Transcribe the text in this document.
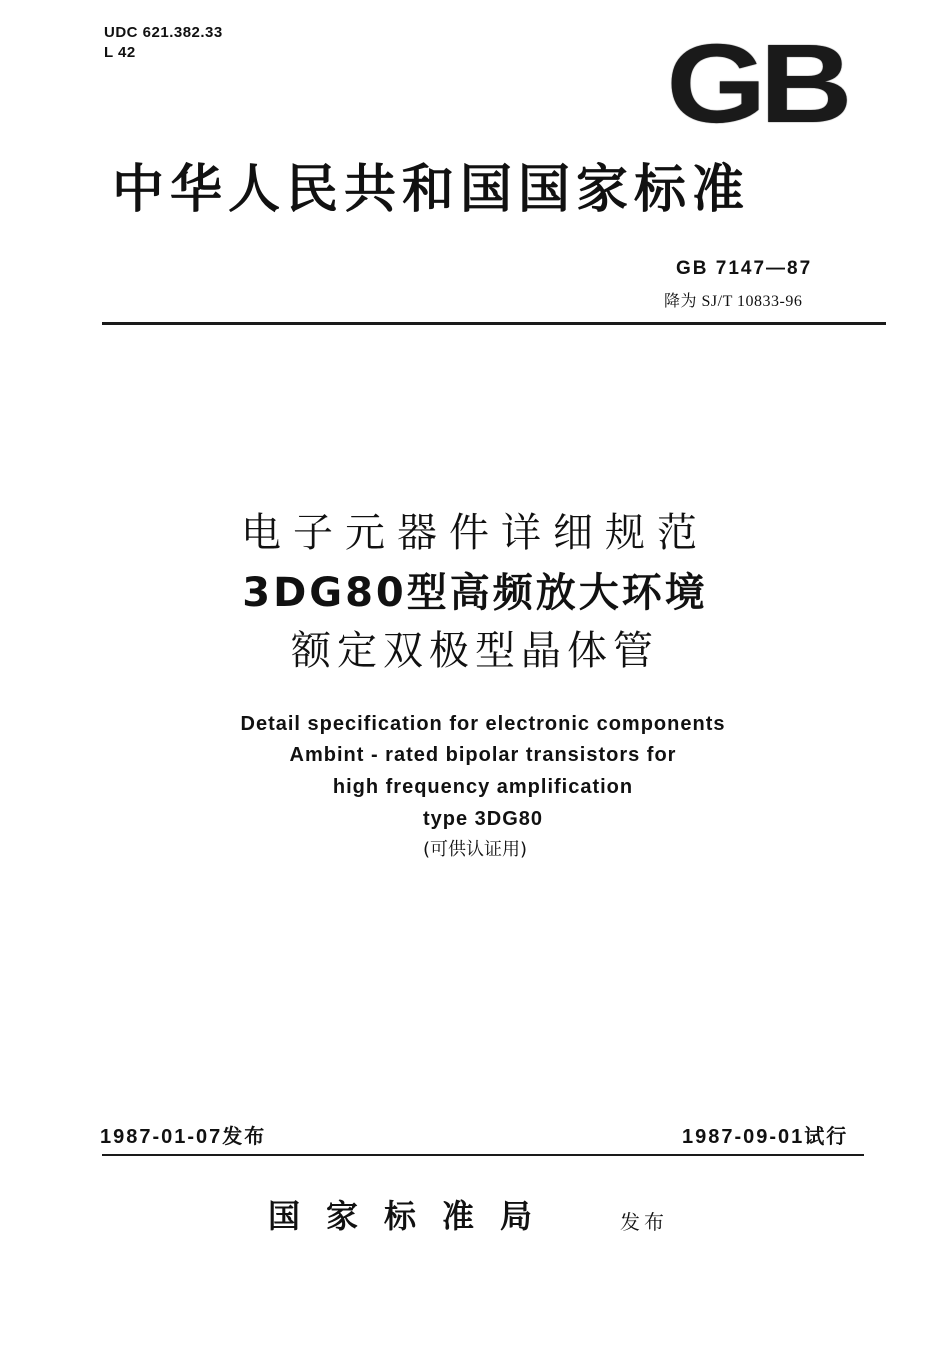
UDC 621.382.33
L 42	GB
中华人民共和国国家标准
GB 7147—87
降为 SJ/T 10833-96
电子元器件详细规范
3DG80型高频放大环境
额定双极型晶体管
Detail specification for electronic components
Ambint - rated bipolar transistors for
high frequency amplification
type 3DG80
(可供认证用)
1987-01-07发布	1987-09-01试行
国家标准局	发布
